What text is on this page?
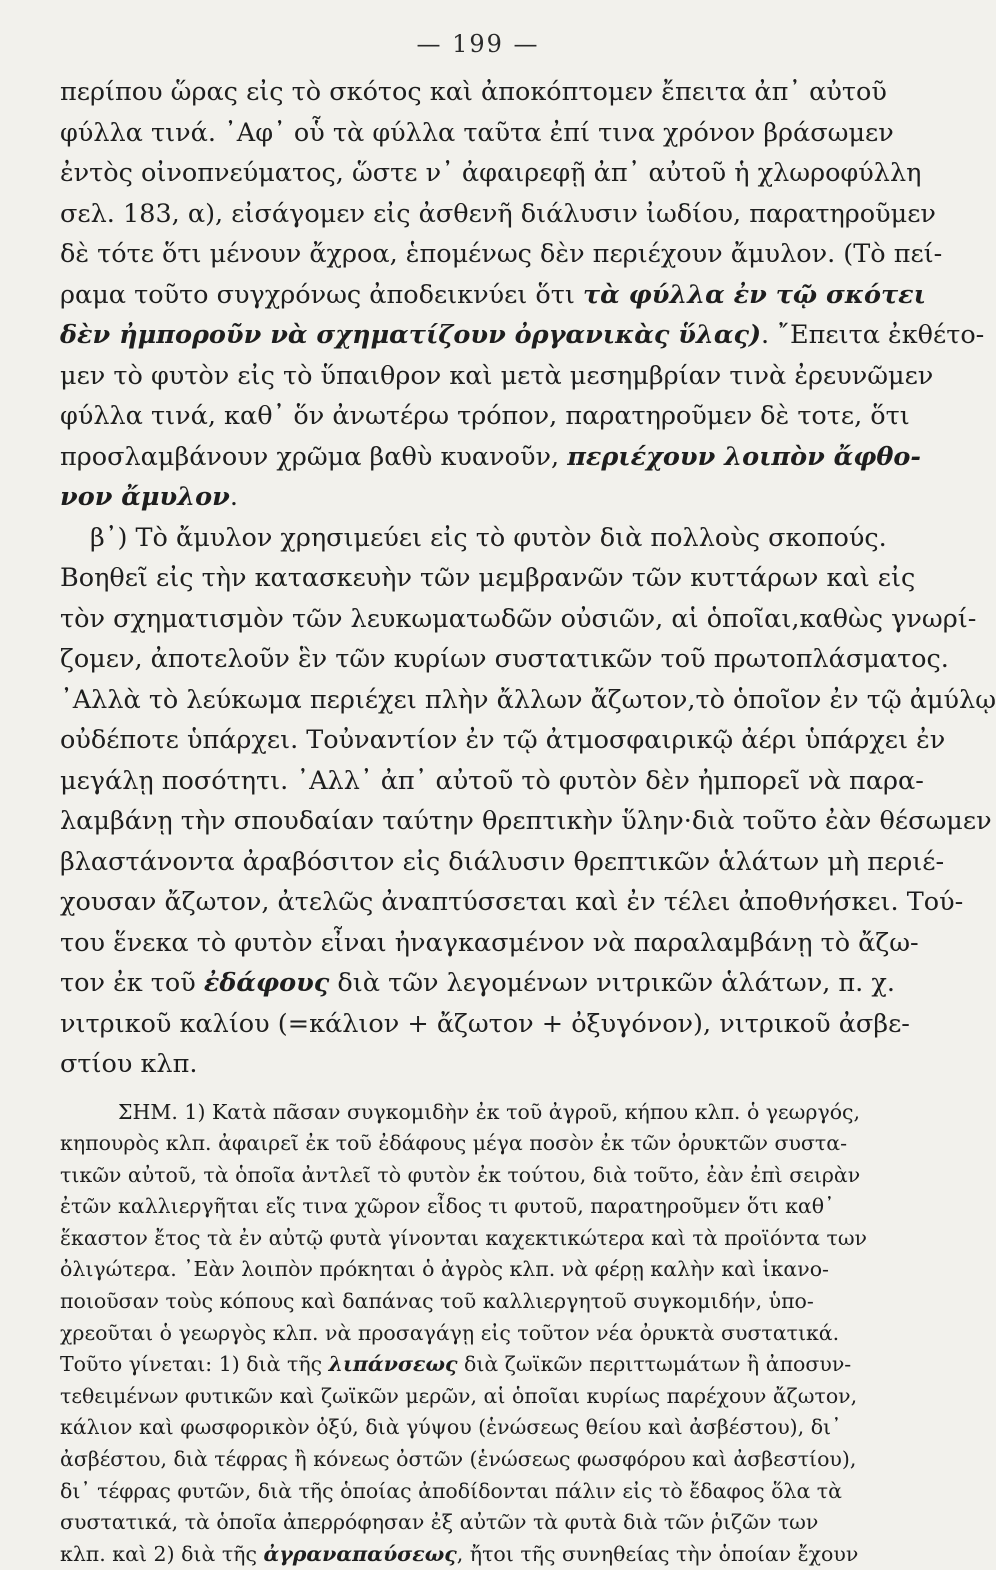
— 199 —
περίπου ὥρας εἰς τὸ σκότος καὶ ἀποκόπτομεν ἔπειτα ἀπ᾿ αὐτοῦ
φύλλα τινά. ᾿Αφ᾿ οὗ τὰ φύλλα ταῦτα ἐπί τινα χρόνον βράσωμεν
ἐντὸς οἰνοπνεύματος, ὥστε ν᾿ ἀφαιρεφῇ ἀπ᾿ αὐτοῦ ἡ χλωροφύλλη
σελ. 183, α), εἰσάγομεν εἰς ἀσθενῆ διάλυσιν ἰωδίου, παρατηροῦμεν
δὲ τότε ὅτι μένουν ἄχροα, ἑπομένως δὲν περιέχουν ἄμυλον. (Τὸ πεί-
ραμα τοῦτο συγχρόνως ἀποδεικνύει ὅτι τὰ φύλλα ἐν τῷ σκότει
δὲν ἠμποροῦν νὰ σχηματίζουν ὀργανικὰς ὕλας). ῎Επειτα ἐκθέτο-
μεν τὸ φυτὸν εἰς τὸ ὕπαιθρον καὶ μετὰ μεσημβρίαν τινὰ ἐρευνῶμεν
φύλλα τινά, καθ᾿ ὅν ἀνωτέρω τρόπον, παρατηροῦμεν δὲ τοτε, ὅτι
προσλαμβάνουν χρῶμα βαθὺ κυανοῦν, περιέχουν λοιπὸν ἄφθο-
νον ἄμυλον.
β᾿) Τὸ ἄμυλον χρησιμεύει εἰς τὸ φυτὸν διὰ πολλοὺς σκοπούς.
Βοηθεῖ εἰς τὴν κατασκευὴν τῶν μεμβρανῶν τῶν κυττάρων καὶ εἰς
τὸν σχηματισμὸν τῶν λευκωματωδῶν οὐσιῶν, αἱ ὁποῖαι,καθὼς γνωρί-
ζομεν, ἀποτελοῦν ἓν τῶν κυρίων συστατικῶν τοῦ πρωτοπλάσματος.
᾿Αλλὰ τὸ λεύκωμα περιέχει πλὴν ἄλλων ἄζωτον,τὸ ὁποῖον ἐν τῷ ἀμύλῳ
οὐδέποτε ὑπάρχει. Τοὐναντίον ἐν τῷ ἀτμοσφαιρικῷ ἀέρι ὑπάρχει ἐν
μεγάλῃ ποσότητι. ᾿Αλλ᾿ ἀπ᾿ αὐτοῦ τὸ φυτὸν δὲν ἠμπορεῖ νὰ παρα-
λαμβάνῃ τὴν σπουδαίαν ταύτην θρεπτικὴν ὕλην·διὰ τοῦτο ἐὰν θέσωμεν
βλαστάνοντα ἀραβόσιτον εἰς διάλυσιν θρεπτικῶν ἁλάτων μὴ περιέ-
χουσαν ἄζωτον, ἀτελῶς ἀναπτύσσεται καὶ ἐν τέλει ἀποθνήσκει. Τού-
του ἕνεκα τὸ φυτὸν εἶναι ἠναγκασμένον νὰ παραλαμβάνῃ τὸ ἄζω-
τον ἐκ τοῦ ἐδάφους διὰ τῶν λεγομένων νιτρικῶν ἁλάτων, π. χ.
νιτρικοῦ καλίου (=κάλιον + ἄζωτον + ὀξυγόνον), νιτρικοῦ ἀσβε-
στίου κλπ.
ΣΗΜ. 1) Κατὰ πᾶσαν συγκομιδὴν ἐκ τοῦ ἀγροῦ, κήπου κλπ. ὁ γεωργός,
κηπουρὸς κλπ. ἀφαιρεῖ ἐκ τοῦ ἐδάφους μέγα ποσὸν ἐκ τῶν ὀρυκτῶν συστα-
τικῶν αὐτοῦ, τὰ ὁποῖα ἀντλεῖ τὸ φυτὸν ἐκ τούτου, διὰ τοῦτο, ἐὰν ἐπὶ σειρὰν
ἐτῶν καλλιεργῆται εἴς τινα χῶρον εἶδος τι φυτοῦ, παρατηροῦμεν ὅτι καθ᾿
ἕκαστον ἔτος τὰ ἐν αὐτῷ φυτὰ γίνονται καχεκτικώτερα καὶ τὰ προϊόντα των
ὀλιγώτερα. ᾿Εὰν λοιπὸν πρόκηται ὁ ἀγρὸς κλπ. νὰ φέρῃ καλὴν καὶ ἱκανο-
ποιοῦσαν τοὺς κόπους καὶ δαπάνας τοῦ καλλιεργητοῦ συγκομιδήν, ὑπο-
χρεοῦται ὁ γεωργὸς κλπ. νὰ προσαγάγῃ εἰς τοῦτον νέα ὀρυκτὰ συστατικά.
Τοῦτο γίνεται: 1) διὰ τῆς λιπάνσεως διὰ ζωϊκῶν περιττωμάτων ἢ ἀποσυν-
τεθειμένων φυτικῶν καὶ ζωϊκῶν μερῶν, αἱ ὁποῖαι κυρίως παρέχουν ἄζωτον,
κάλιον καὶ φωσφορικὸν ὀξύ, διὰ γύψου (ἑνώσεως θείου καὶ ἀσβέστου), δι᾿
ἀσβέστου, διὰ τέφρας ἢ κόνεως ὀστῶν (ἑνώσεως φωσφόρου καὶ ἀσβεστίου),
δι᾿ τέφρας φυτῶν, διὰ τῆς ὁποίας ἀποδίδονται πάλιν εἰς τὸ ἔδαφος ὅλα τὰ
συστατικά, τὰ ὁποῖα ἀπερρόφησαν ἐξ αὐτῶν τὰ φυτὰ διὰ τῶν ῥιζῶν των
κλπ. καὶ 2) διὰ τῆς ἀγραναπαύσεως, ἤτοι τῆς συνηθείας τὴν ὁποίαν ἔχουν
